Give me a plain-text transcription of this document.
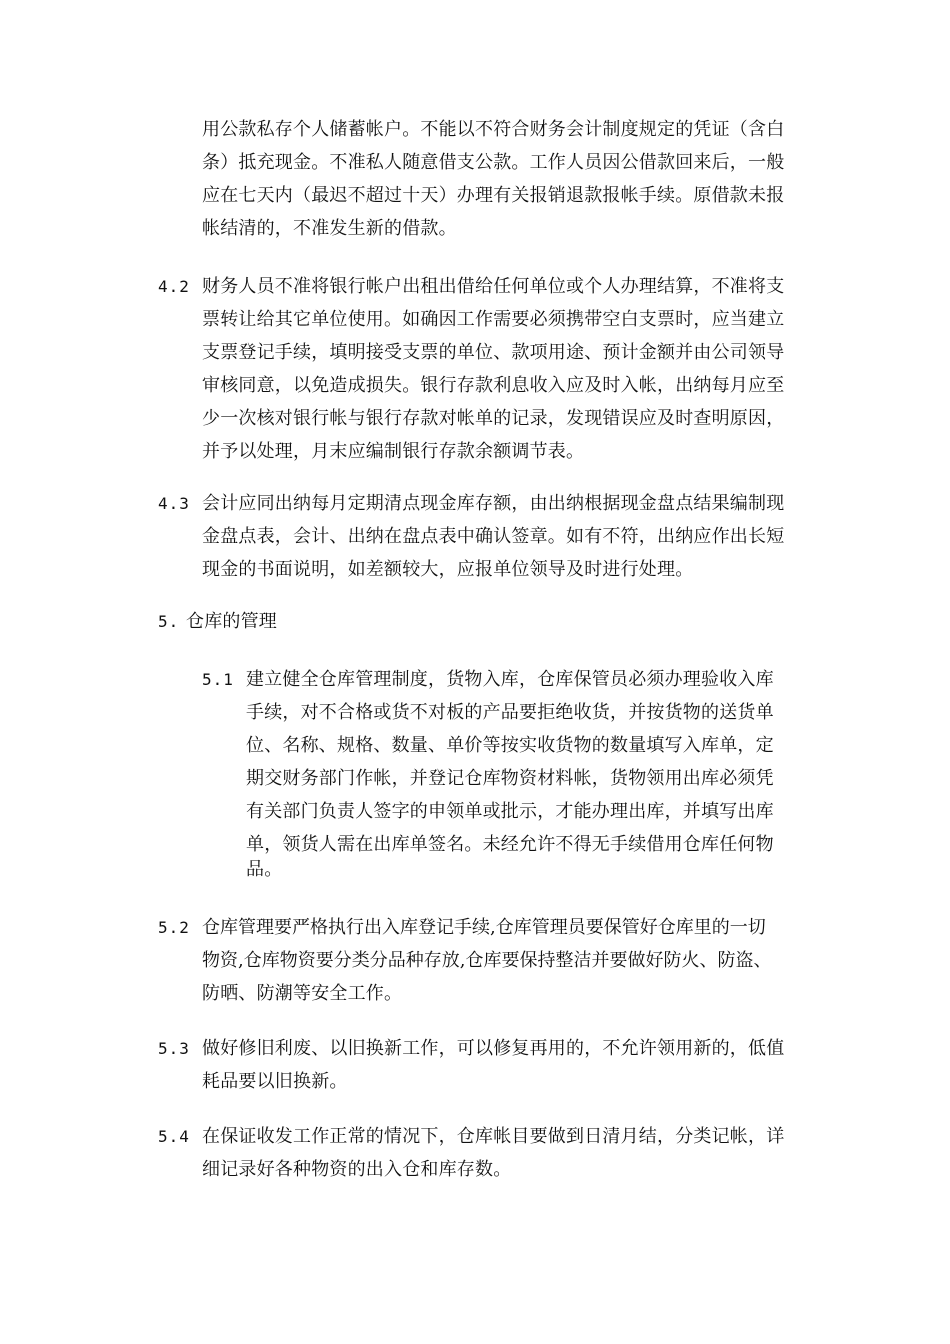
用公款私存个人储蓄帐户。不能以不符合财务会计制度规定的凭证（含白
条）抵充现金。不准私人随意借支公款。工作人员因公借款回来后，一般
应在七天内（最迟不超过十天）办理有关报销退款报帐手续。原借款未报
帐结清的，不准发生新的借款。
4.2 财务人员不准将银行帐户出租出借给任何单位或个人办理结算，不准将支
票转让给其它单位使用。如确因工作需要必须携带空白支票时，应当建立
支票登记手续，填明接受支票的单位、款项用途、预计金额并由公司领导
审核同意，以免造成损失。银行存款利息收入应及时入帐，出纳每月应至
少一次核对银行帐与银行存款对帐单的记录，发现错误应及时查明原因，
并予以处理，月末应编制银行存款余额调节表。
4.3 会计应同出纳每月定期清点现金库存额，由出纳根据现金盘点结果编制现
金盘点表，会计、出纳在盘点表中确认签章。如有不符，出纳应作出长短
现金的书面说明，如差额较大，应报单位领导及时进行处理。
5. 仓库的管理
5.1 建立健全仓库管理制度，货物入库，仓库保管员必须办理验收入库
手续，对不合格或货不对板的产品要拒绝收货，并按货物的送货单
位、名称、规格、数量、单价等按实收货物的数量填写入库单，定
期交财务部门作帐，并登记仓库物资材料帐，货物领用出库必须凭
有关部门负责人签字的申领单或批示，才能办理出库，并填写出库
单，领货人需在出库单签名。未经允许不得无手续借用仓库任何物
品。
5.2 仓库管理要严格执行出入库登记手续,仓库管理员要保管好仓库里的一切
物资,仓库物资要分类分品种存放,仓库要保持整洁并要做好防火、防盗、
防晒、防潮等安全工作。
5.3 做好修旧利废、以旧换新工作，可以修复再用的，不允许领用新的，低值
耗品要以旧换新。
5.4 在保证收发工作正常的情况下，仓库帐目要做到日清月结，分类记帐，详
细记录好各种物资的出入仓和库存数。
